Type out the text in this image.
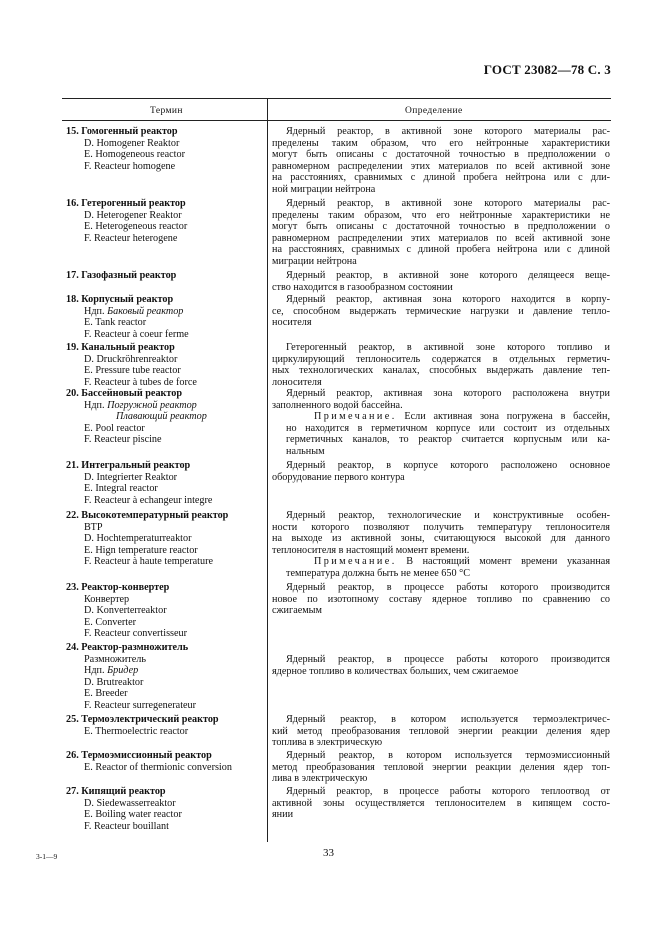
ГОСТ 23082—78 С. 3
Термин	Определение
15. Гомогенный реактор
D. Homogener Reaktor
E. Homogeneous reactor
F. Reacteur homogene
16. Гетерогенный реактор
D. Heterogener Reaktor
E. Heterogeneous reactor
F. Reacteur heterogene
17. Газофазный реактор
18. Корпусный реактор
Ндп. Баковый реактор
E. Tank reactor
F. Reacteur à coeur ferme
19. Канальный реактор
D. Druckröhrenreaktor
E. Pressure tube reactor
F. Reacteur à tubes de force
20. Бассейновый реактор
Ндп. Погружной реактор
Плавающий реактор
E. Pool reactor
F. Reacteur piscine
21. Интегральный реактор
D. Integrierter Reaktor
E. Integral reactor
F. Reacteur à echangeur integre
22. Высокотемпературный реактор
ВТР
D. Hochtemperaturreaktor
E. Hign temperature reactor
F. Reacteur à haute temperature
23. Реактор-конвертер
Конвертер
D. Konverterreaktor
E. Converter
F. Reacteur convertisseur
24. Реактор-размножитель
Размножитель
Ндп. Бридер
D. Brutreaktor
E. Breeder
F. Reacteur surregenerateur
25. Термоэлектрический реактор
E. Thermoelectric reactor
26. Термоэмиссионный реактор
E. Reactor of thermionic conversion
27. Кипящий реактор
D. Siedewasserreaktor
E. Boiling water reactor
F. Reacteur bouillant
Ядерный реактор, в активной зоне которого материалы рас-
пределены таким образом, что его нейтронные характеристики
могут быть описаны с достаточной точностью в предположении о
равномерном распределении этих материалов по всей активной зоне
на расстояниях, сравнимых с длиной пробега нейтрона или с дли-
ной миграции нейтрона
Ядерный реактор, в активной зоне которого материалы рас-
пределены таким образом, что его нейтронные характеристики не
могут быть описаны с достаточной точностью в предположении о
равномерном распределении этих материалов по всей активной зоне
на расстояниях, сравнимых с длиной пробега нейтрона или с длиной
миграции нейтрона
Ядерный реактор, в активной зоне которого делящееся веще-
ство находится в газообразном состоянии
Ядерный реактор, активная зона которого находится в корпу-
се, способном выдержать термические нагрузки и давление тепло-
носителя
Гетерогенный реактор, в активной зоне которого топливо и
циркулирующий теплоноситель содержатся в отдельных герметич-
ных технологических каналах, способных выдержать давление теп-
лоносителя
Ядерный реактор, активная зона которого расположена внутри
заполненного водой бассейна.
Примечание. Если активная зона погружена в бассейн,
но находится в герметичном корпусе или состоит из отдельных
герметичных каналов, то реактор считается корпусным или ка-
нальным
Ядерный реактор, в корпусе которого расположено основное
оборудование первого контура
Ядерный реактор, технологические и конструктивные особен-
ности которого позволяют получить температуру теплоносителя
на выходе из активной зоны, считающуюся высокой для данного
теплоносителя в настоящий момент времени.
Примечание. В настоящий момент времени указанная
температура должна быть не менее 650 °С
Ядерный реактор, в процессе работы которого производится
новое по изотопному составу ядерное топливо по сравнению со
сжигаемым
Ядерный реактор, в процессе работы которого производится
ядерное топливо в количествах больших, чем сжигаемое
Ядерный реактор, в котором используется термоэлектричес-
кий метод преобразования тепловой энергии реакции деления ядер
топлива в электрическую
Ядерный реактор, в котором используется термоэмиссионный
метод преобразования тепловой энергии реакции деления ядер топ-
лива в электрическую
Ядерный реактор, в процессе работы которого теплоотвод от
активной зоны осуществляется теплоносителем в кипящем состо-
янии
3-1—9	33
